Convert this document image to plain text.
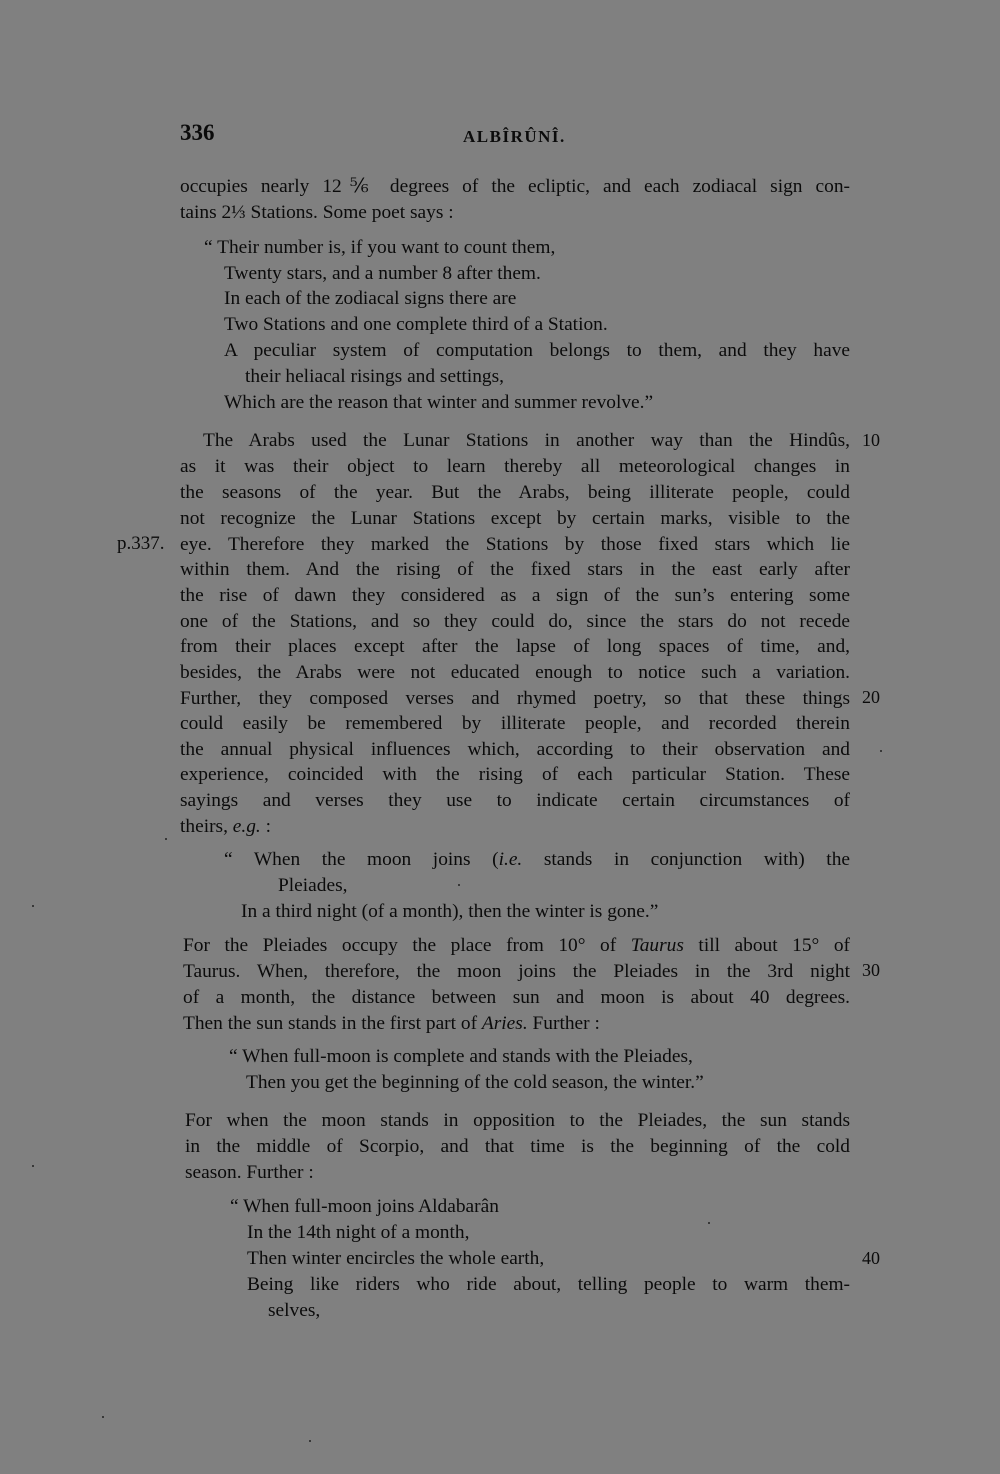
336	ALBÎRÛNÎ.
occupies nearly 12⅚ degrees of the ecliptic, and each zodiacal sign con-
tains 2⅓ Stations. Some poet says :
“ Their number is, if you want to count them,
Twenty stars, and a number 8 after them.
In each of the zodiacal signs there are
Two Stations and one complete third of a Station.
A peculiar system of computation belongs to them, and they have
their heliacal risings and settings,
Which are the reason that winter and summer revolve.”
The Arabs used the Lunar Stations in another way than the Hindûs,
as it was their object to learn thereby all meteorological changes in
the seasons of the year. But the Arabs, being illiterate people, could
not recognize the Lunar Stations except by certain marks, visible to the
eye. Therefore they marked the Stations by those fixed stars which lie
within them. And the rising of the fixed stars in the east early after
the rise of dawn they considered as a sign of the sun’s entering some
one of the Stations, and so they could do, since the stars do not recede
from their places except after the lapse of long spaces of time, and,
besides, the Arabs were not educated enough to notice such a variation.
Further, they composed verses and rhymed poetry, so that these things
could easily be remembered by illiterate people, and recorded therein
the annual physical influences which, according to their observation and
experience, coincided with the rising of each particular Station. These
sayings and verses they use to indicate certain circumstances of
theirs, e.g. :
“ When the moon joins (i.e. stands in conjunction with) the
Pleiades,
In a third night (of a month), then the winter is gone.”
For the Pleiades occupy the place from 10° of Taurus till about 15° of
Taurus. When, therefore, the moon joins the Pleiades in the 3rd night
of a month, the distance between sun and moon is about 40 degrees.
Then the sun stands in the first part of Aries. Further :
“ When full-moon is complete and stands with the Pleiades,
Then you get the beginning of the cold season, the winter.”
For when the moon stands in opposition to the Pleiades, the sun stands
in the middle of Scorpio, and that time is the beginning of the cold
season. Further :
“ When full-moon joins Aldabarân
In the 14th night of a month,
Then winter encircles the whole earth,
Being like riders who ride about, telling people to warm them-
selves,
10
20
30
40
p.337.
